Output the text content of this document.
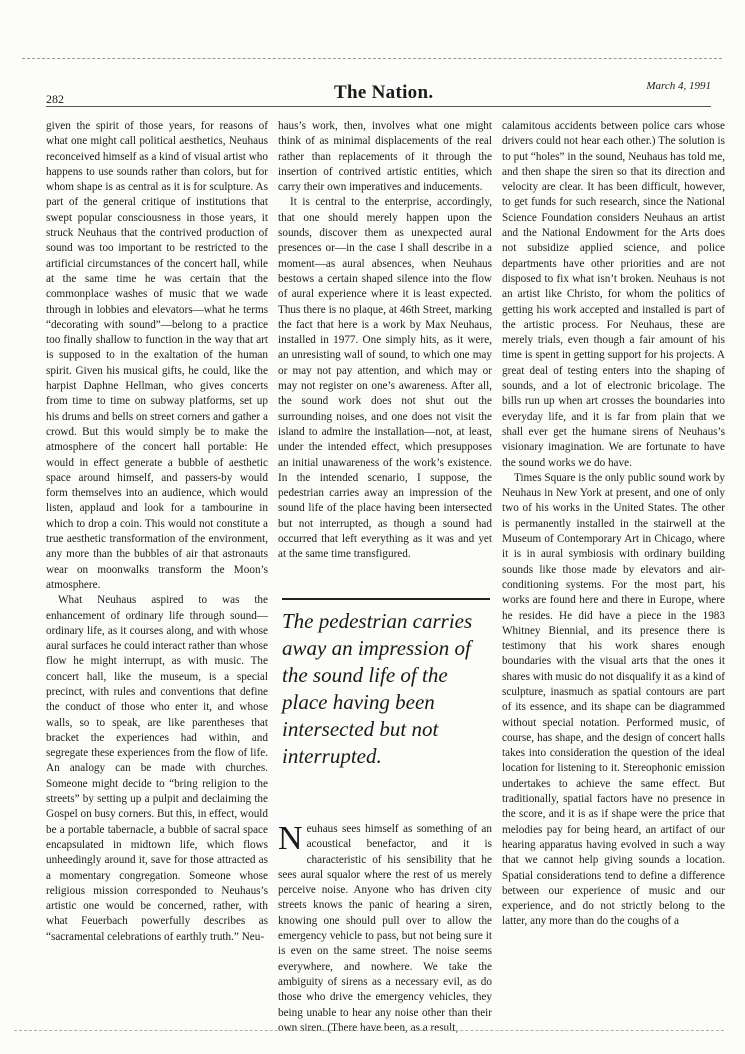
282	The Nation.	March 4, 1991

given the spirit of those years, for reasons of what one might call political aesthetics, Neuhaus reconceived himself as a kind of visual artist who happens to use sounds rather than colors, but for whom shape is as central as it is for sculpture. As part of the general critique of institutions that swept popular consciousness in those years, it struck Neuhaus that the contrived production of sound was too important to be restricted to the artificial circumstances of the concert hall, while at the same time he was certain that the commonplace washes of music that we wade through in lobbies and elevators—what he terms “decorating with sound”—belong to a practice too finally shallow to function in the way that art is supposed to in the exaltation of the human spirit. Given his musical gifts, he could, like the harpist Daphne Hellman, who gives concerts from time to time on subway platforms, set up his drums and bells on street corners and gather a crowd. But this would simply be to make the atmosphere of the concert hall portable: He would in effect generate a bubble of aesthetic space around himself, and passers-by would form themselves into an audience, which would listen, applaud and look for a tambourine in which to drop a coin. This would not constitute a true aesthetic transformation of the environment, any more than the bubbles of air that astronauts wear on moonwalks transform the Moon’s atmosphere.

What Neuhaus aspired to was the enhancement of ordinary life through sound—ordinary life, as it courses along, and with whose aural surfaces he could interact rather than whose flow he might interrupt, as with music. The concert hall, like the museum, is a special precinct, with rules and conventions that define the conduct of those who enter it, and whose walls, so to speak, are like parentheses that bracket the experiences had within, and segregate these experiences from the flow of life. An analogy can be made with churches. Someone might decide to “bring religion to the streets” by setting up a pulpit and declaiming the Gospel on busy corners. But this, in effect, would be a portable tabernacle, a bubble of sacral space encapsulated in midtown life, which flows unheedingly around it, save for those attracted as a momentary congregation. Someone whose religious mission corresponded to Neuhaus’s artistic one would be concerned, rather, with what Feuerbach powerfully describes as “sacramental celebrations of earthly truth.” Neu-

haus’s work, then, involves what one might think of as minimal displacements of the real rather than replacements of it through the insertion of contrived artistic entities, which carry their own imperatives and inducements.

It is central to the enterprise, accordingly, that one should merely happen upon the sounds, discover them as unexpected aural presences or—in the case I shall describe in a moment—as aural absences, when Neuhaus bestows a certain shaped silence into the flow of aural experience where it is least expected. Thus there is no plaque, at 46th Street, marking the fact that here is a work by Max Neuhaus, installed in 1977. One simply hits, as it were, an unresisting wall of sound, to which one may or may not pay attention, and which may or may not register on one’s awareness. After all, the sound work does not shut out the surrounding noises, and one does not visit the island to admire the installation—not, at least, under the intended effect, which presupposes an initial unawareness of the work’s existence. In the intended scenario, I suppose, the pedestrian carries away an impression of the sound life of the place having been intersected but not interrupted, as though a sound had occurred that left everything as it was and yet at the same time transfigured.

The pedestrian carries away an impression of the sound life of the place having been intersected but not interrupted.

Neuhaus sees himself as something of an acoustical benefactor, and it is characteristic of his sensibility that he sees aural squalor where the rest of us merely perceive noise. Anyone who has driven city streets knows the panic of hearing a siren, knowing one should pull over to allow the emergency vehicle to pass, but not being sure it is even on the same street. The noise seems everywhere, and nowhere. We take the ambiguity of sirens as a necessary evil, as do those who drive the emergency vehicles, they being unable to hear any noise other than their own siren. (There have been, as a result,

calamitous accidents between police cars whose drivers could not hear each other.) The solution is to put “holes” in the sound, Neuhaus has told me, and then shape the siren so that its direction and velocity are clear. It has been difficult, however, to get funds for such research, since the National Science Foundation considers Neuhaus an artist and the National Endowment for the Arts does not subsidize applied science, and police departments have other priorities and are not disposed to fix what isn’t broken. Neuhaus is not an artist like Christo, for whom the politics of getting his work accepted and installed is part of the artistic process. For Neuhaus, these are merely trials, even though a fair amount of his time is spent in getting support for his projects. A great deal of testing enters into the shaping of sounds, and a lot of electronic bricolage. The bills run up when art crosses the boundaries into everyday life, and it is far from plain that we shall ever get the humane sirens of Neuhaus’s visionary imagination. We are fortunate to have the sound works we do have.

Times Square is the only public sound work by Neuhaus in New York at present, and one of only two of his works in the United States. The other is permanently installed in the stairwell at the Museum of Contemporary Art in Chicago, where it is in aural symbiosis with ordinary building sounds like those made by elevators and air-conditioning systems. For the most part, his works are found here and there in Europe, where he resides. He did have a piece in the 1983 Whitney Biennial, and its presence there is testimony that his work shares enough boundaries with the visual arts that the ones it shares with music do not disqualify it as a kind of sculpture, inasmuch as spatial contours are part of its essence, and its shape can be diagrammed without special notation. Performed music, of course, has shape, and the design of concert halls takes into consideration the question of the ideal location for listening to it. Stereophonic emission undertakes to achieve the same effect. But traditionally, spatial factors have no presence in the score, and it is as if shape were the price that melodies pay for being heard, an artifact of our hearing apparatus having evolved in such a way that we cannot help giving sounds a location. Spatial considerations tend to define a difference between our experience of music and our experience, and do not strictly belong to the latter, any more than do the coughs of a
